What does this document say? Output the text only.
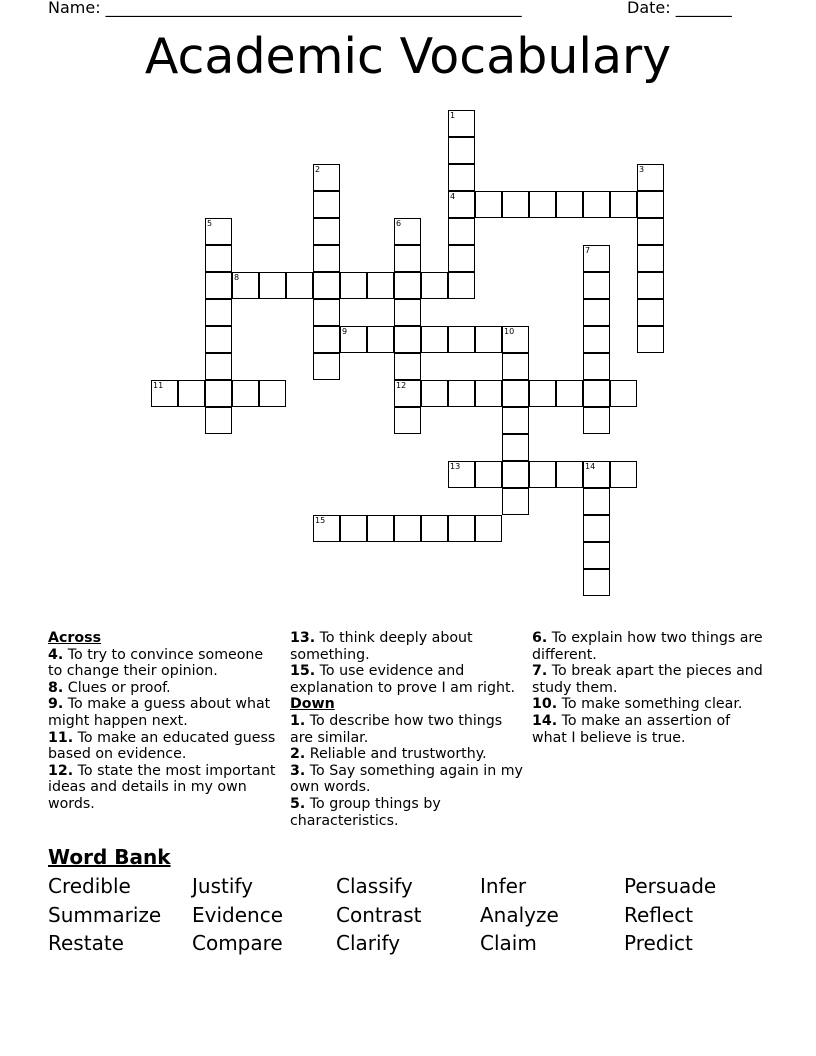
Name: ____________________________________________________	Date: _______
Academic Vocabulary
1
4
2	3
5	6
12
7
8
9	10
11
13	14
15

Across

4. To try to convince someone to change their opinion.

8. Clues or proof.

9. To make a guess about what might happen next.

11. To make an educated guess based on evidence.

12. To state the most important ideas and details in my own words.

13. To think deeply about something.

15. To use evidence and explanation to prove I am right.

Down

1. To describe how two things are similar.

2. Reliable and trustworthy.

3. To Say something again in my own words.

5. To group things by characteristics.

6. To explain how two things are different.

7. To break apart the pieces and study them.

10. To make something clear.

14. To make an assertion of what I believe is true.

Word Bank
Credible	Justify	Classify	Infer	Persuade
Summarize Evidence	Contrast	Analyze	Reflect
Restate	Compare	Clarify	Claim	Predict
